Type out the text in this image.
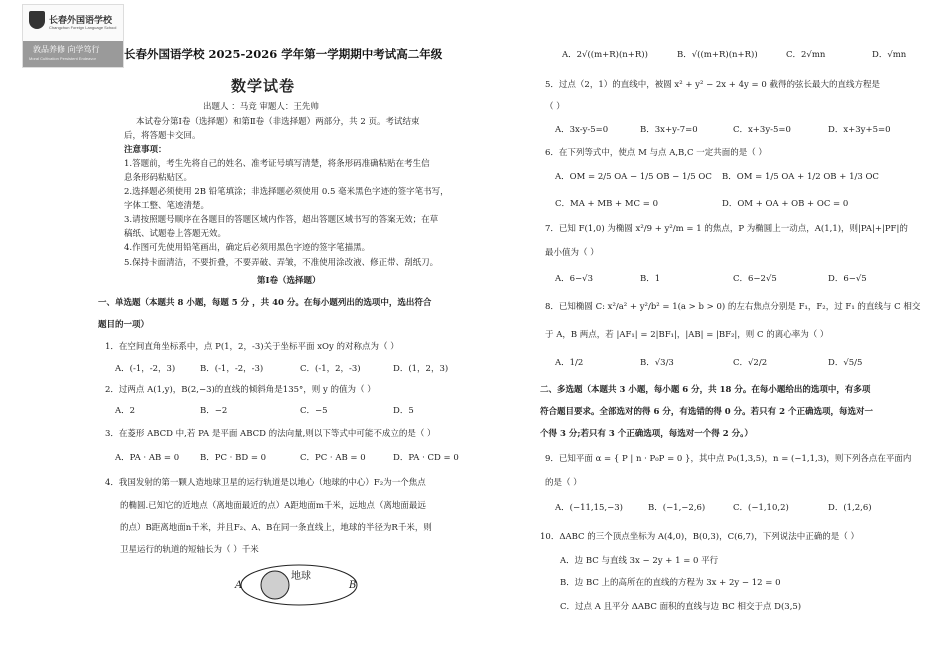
长春外国语学校
Changchun Foreign Language School
敦品养修 向学笃行
Moral Cultivation Persistent Endeavor 长春外国语学校 2025-2026 学年第一学期期中考试高二年级
数学试卷
出题人 ：马竞 审题人：王先帅
本试卷分第Ⅰ卷（选择题）和第Ⅱ卷（非选择题）两部分，共 2 页。考试结束
后，将答题卡交回。
注意事项：
1.答题前，考生先将自己的姓名、准考证号填写清楚，将条形码准确粘贴在考生信
息条形码粘贴区。
2.选择题必须使用 2B 铅笔填涂；非选择题必须使用 0.5 毫米黑色字迹的签字笔书写，
字体工整、笔迹清楚。
3.请按照题号顺序在各题目的答题区域内作答，超出答题区域书写的答案无效；在草
稿纸、试题卷上答题无效。
4.作图可先使用铅笔画出，确定后必须用黑色字迹的签字笔描黑。
5.保持卡面清洁，不要折叠，不要弄破、弄皱，不准使用涂改液、修正带、刮纸刀。
第Ⅰ卷（选择题）
一、单选题（本题共 8 小题，每题 5 分 ，共 40 分。在每小题列出的选项中，选出符合
题目的一项）
1．在空间直角坐标系中，点 P(1，2，-3)关于坐标平面 xOy 的对称点为（ ）
A．(-1，-2，3)	B．(-1，-2，-3)	C．(-1，2，-3)	D．(1，2，3)
2．过两点 A(1,y)，B(2,−3)的直线的倾斜角是135°，则 y 的值为（ ）
A．2	B．−2	C．−5	D．5
3．在菱形 ABCD 中,若 PA 是平面 ABCD 的法向量,则以下等式中可能不成立的是（ ）
A．PA · AB = 0 B．PC · BD = 0	C．PC · AB = 0	D．PA · CD = 0
4．我国发射的第一颗人造地球卫星的运行轨道是以地心（地球的中心）F₂为一个焦点
的椭圆.已知它的近地点（离地面最近的点）A距地面m千米，远地点（离地面最远
的点）B距离地面n千米，并且F₂、A、B在同一条直线上，地球的半径为R千米，则
卫星运行的轨道的短轴长为（ ）千米
地球
A	B
A．2√((m+R)(n+R))	B．√((m+R)(n+R))	C．2√mn	D．√mn
5．过点（2，1）的直线中，被圆 x² + y² − 2x + 4y = 0 截得的弦长最大的直线方程是
（ ）
A．3x-y-5=0	B．3x+y-7=0	C．x+3y-5=0	D．x+3y+5=0
6．在下列等式中，使点 M 与点 A,B,C 一定共面的是（ ）
A．OM = 2/5 OA − 1/5 OB − 1/5 OC B．OM = 1/5 OA + 1/2 OB + 1/3 OC
C．MA + MB + MC = 0	D．OM + OA + OB + OC = 0
7．已知 F(1,0) 为椭圆 x²/9 + y²/m = 1 的焦点，P 为椭圆上一动点，A(1,1)，则|PA|+|PF|的
最小值为（ ）
A．6−√3	B．1	C．6−2√5	D．6−√5
8．已知椭圆 C: x²/a² + y²/b² = 1(a > b > 0) 的左右焦点分别是 F₁，F₂，过 F₁ 的直线与 C 相交
于 A，B 两点，若 |AF₁| = 2|BF₁|，|AB| = |BF₂|，则 C 的离心率为（ ）
A．1/2	B．√3/3	C．√2/2	D．√5/5
二、多选题（本题共 3 小题，每小题 6 分，共 18 分。在每小题给出的选项中，有多项
符合题目要求。全部选对的得 6 分，有选错的得 0 分。若只有 2 个正确选项，每选对一
个得 3 分;若只有 3 个正确选项，每选对一个得 2 分。）
9．已知平面 α = { P | n · P₀P = 0 }，其中点 P₀(1,3,5)，n = (−1,1,3)，则下列各点在平面内
的是（ ）
A．(−11,15,−3)	B．(−1,−2,6)	C．(−1,10,2)	D．(1,2,6)
10．ΔABC 的三个顶点坐标为 A(4,0)，B(0,3)，C(6,7)，下列说法中正确的是（ ）
A．边 BC 与直线 3x − 2y + 1 = 0 平行
B．边 BC 上的高所在的直线的方程为 3x + 2y − 12 = 0
C．过点 A 且平分 ΔABC 面积的直线与边 BC 相交于点 D(3,5)
